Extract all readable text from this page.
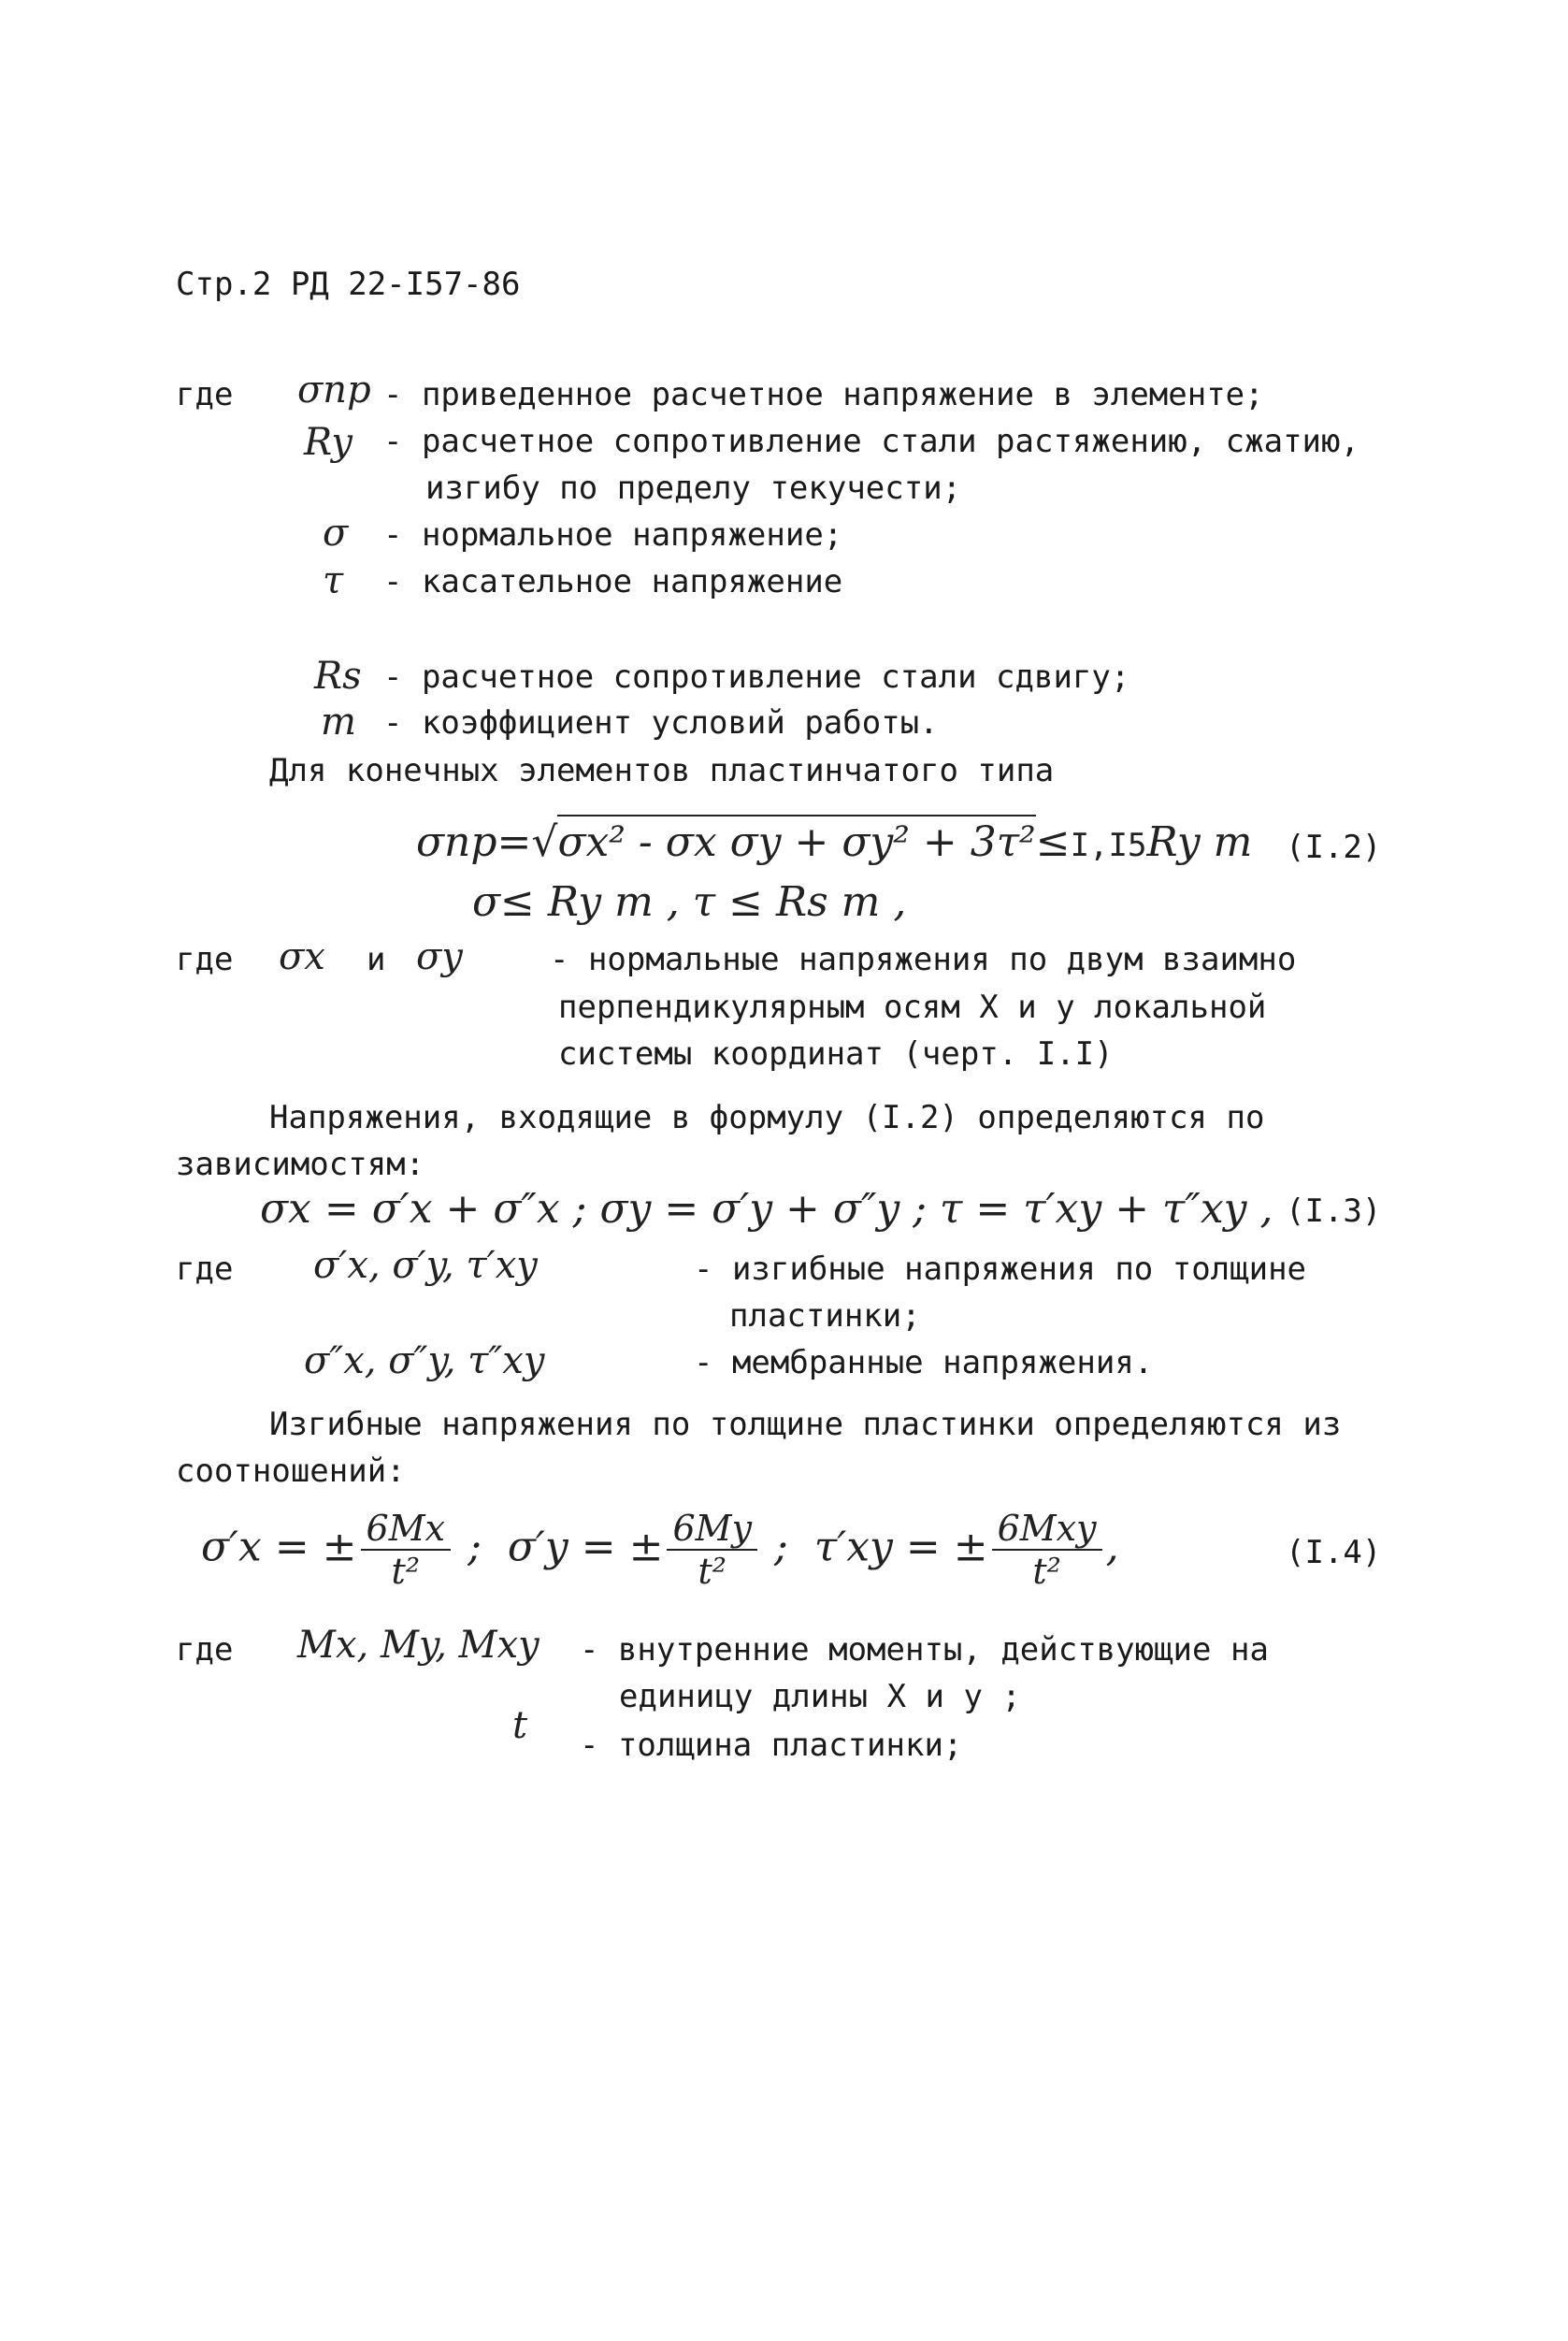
Стр.2 РД 22-I57-86
где σпр - приведенное расчетное напряжение в элементе;
Ry - расчетное сопротивление стали растяжению, сжатию,
изгибу по пределу текучести;
σ - нормальное напряжение;
τ - касательное напряжение
Rs - расчетное сопротивление стали сдвигу;
m - коэффициент условий работы.
Для конечных элементов пластинчатого типа
σпр=√σx² - σx σy + σy² + 3τ²≤I,I5Ry m (I.2)
σ≤ Ry m , τ ≤ Rs m ,
где σx и σy	- нормальные напряжения по двум взаимно
перпендикулярным осям X и y локальной
системы координат (черт. I.I)
Напряжения, входящие в формулу (I.2) определяются по
зависимостям:
σx = σ′x + σ″x ; σy = σ′y + σ″y ; τ = τ′xy + τ″xy , (I.3)
где σ′x, σ′y, τ′xy	- изгибные напряжения по толщине
пластинки;
σ″x, σ″y, τ″xy	- мембранные напряжения.
Изгибные напряжения по толщине пластинки определяются из
соотношений:
σ′x = ± $\frac{6Mx}{\text{t²}}$ ; σ′y = ± $\frac{6My}{\text{t²}}$ ; τ′xy = ± $\frac{\text{6Mxy}}{\text{t²}}$ ,	(I.4)
где Mx, My, Mxy - внутренние моменты, действующие на
единицу длины X и y ;
t - толщина пластинки;
